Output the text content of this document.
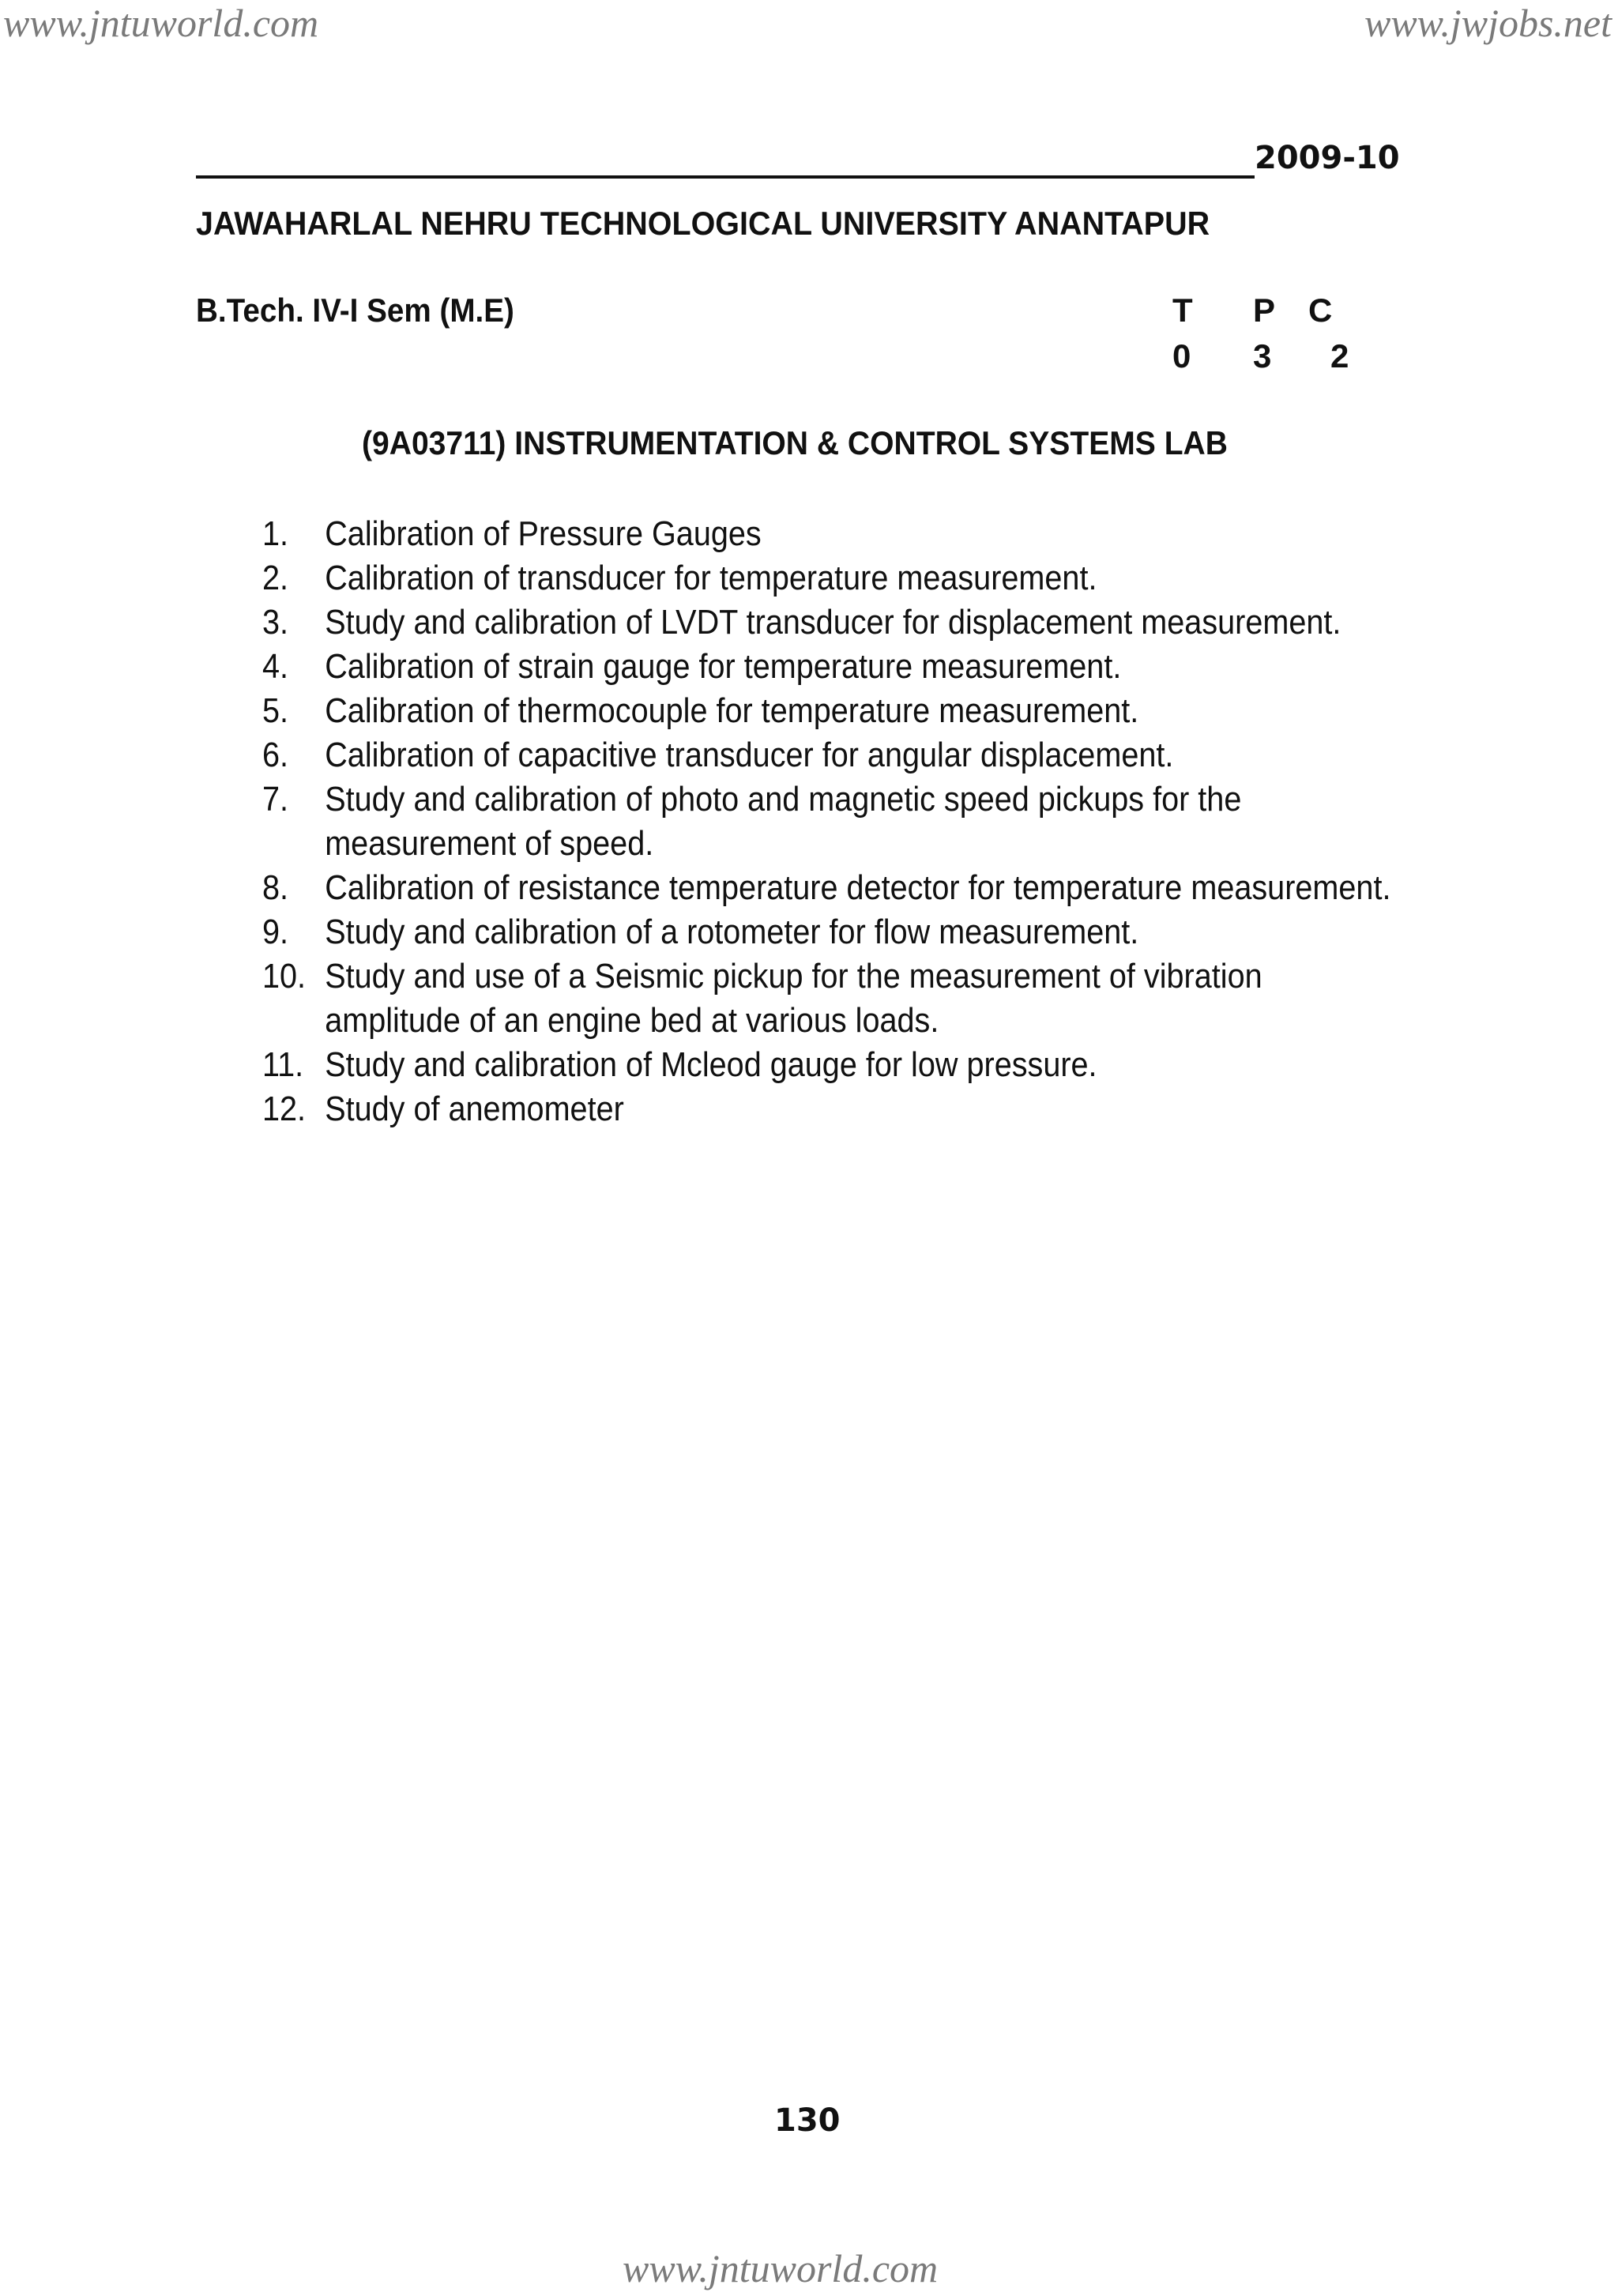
www.jntuworld.com	www.jwjobs.net
2009-10
JAWAHARLAL NEHRU TECHNOLOGICAL UNIVERSITY ANANTAPUR
B.Tech. IV-I Sem (M.E)	T P C
0 3 2
(9A03711) INSTRUMENTATION & CONTROL SYSTEMS LAB
1. Calibration of Pressure Gauges
2. Calibration of transducer for temperature measurement.
3. Study and calibration of LVDT transducer for displacement measurement.
4. Calibration of strain gauge for temperature measurement.
5. Calibration of thermocouple for temperature measurement.
6. Calibration of capacitive transducer for angular displacement.
7. Study and calibration of photo and magnetic speed pickups for the
measurement of speed.
8. Calibration of resistance temperature detector for temperature measurement.
9. Study and calibration of a rotometer for flow measurement.
10. Study and use of a Seismic pickup for the measurement of vibration
amplitude of an engine bed at various loads.
11. Study and calibration of Mcleod gauge for low pressure.
12. Study of anemometer
130
www.jntuworld.com
